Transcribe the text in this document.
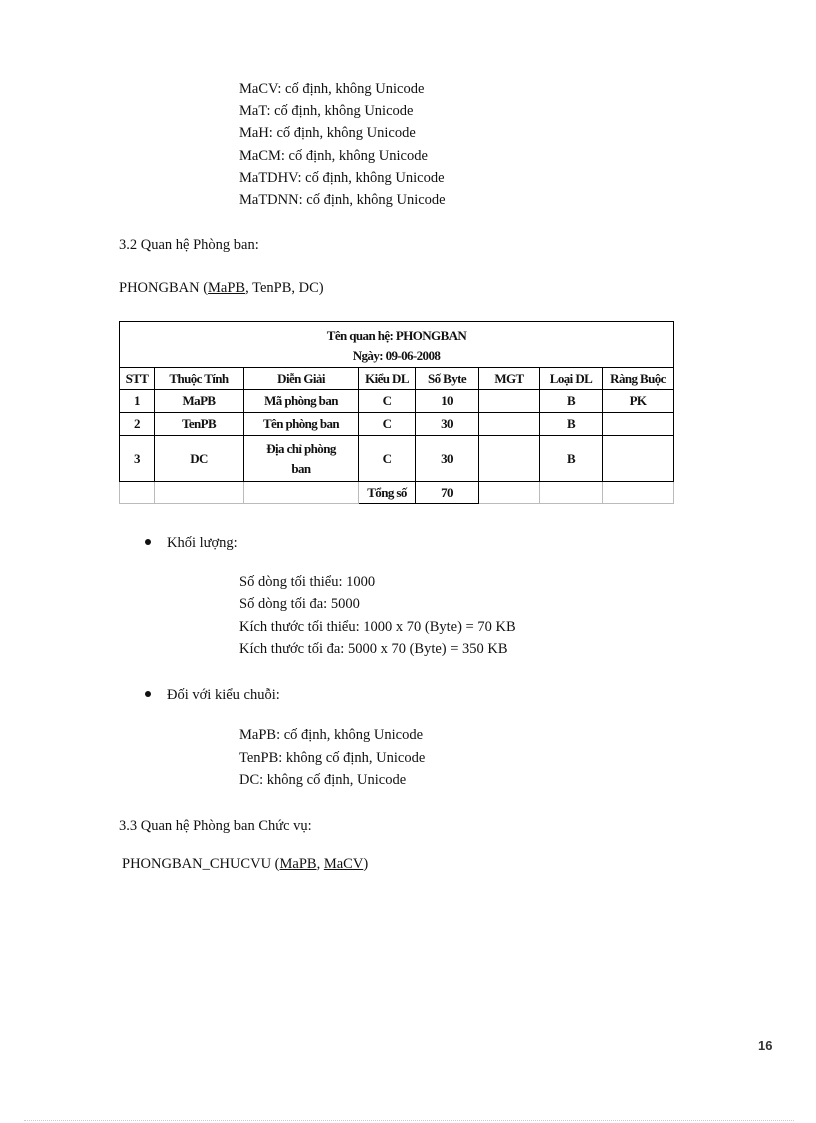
MaCV: cố định, không Unicode
MaT: cố định, không Unicode
MaH: cố định, không Unicode
MaCM: cố định, không Unicode
MaTDHV: cố định, không Unicode
MaTDNN: cố định, không Unicode
3.2 Quan hệ Phòng ban:
PHONGBAN (MaPB, TenPB, DC)
Tên quan hệ: PHONGBAN
Ngày: 09-06-2008							

STT	Thuộc Tính	Diễn Giải	Kiểu DL	Số Byte	MGT	Loại DL	Ràng Buộc
1	MaPB	Mã phòng ban	C	10		B	PK
2	TenPB	Tên phòng ban	C	30		B	
3	DC	Địa chỉ phòng ban	C	30		B	
			Tổng số	70			
Khối lượng:
Số dòng tối thiểu: 1000
Số dòng tối đa: 5000
Kích thước tối thiểu: 1000 x 70 (Byte) = 70 KB
Kích thước tối đa: 5000 x 70 (Byte) = 350 KB
Đối với kiểu chuỗi:
MaPB: cố định, không Unicode
TenPB: không cố định, Unicode
DC: không cố định, Unicode
3.3 Quan hệ Phòng ban Chức vụ:
PHONGBAN_CHUCVU (MaPB, MaCV)
16
